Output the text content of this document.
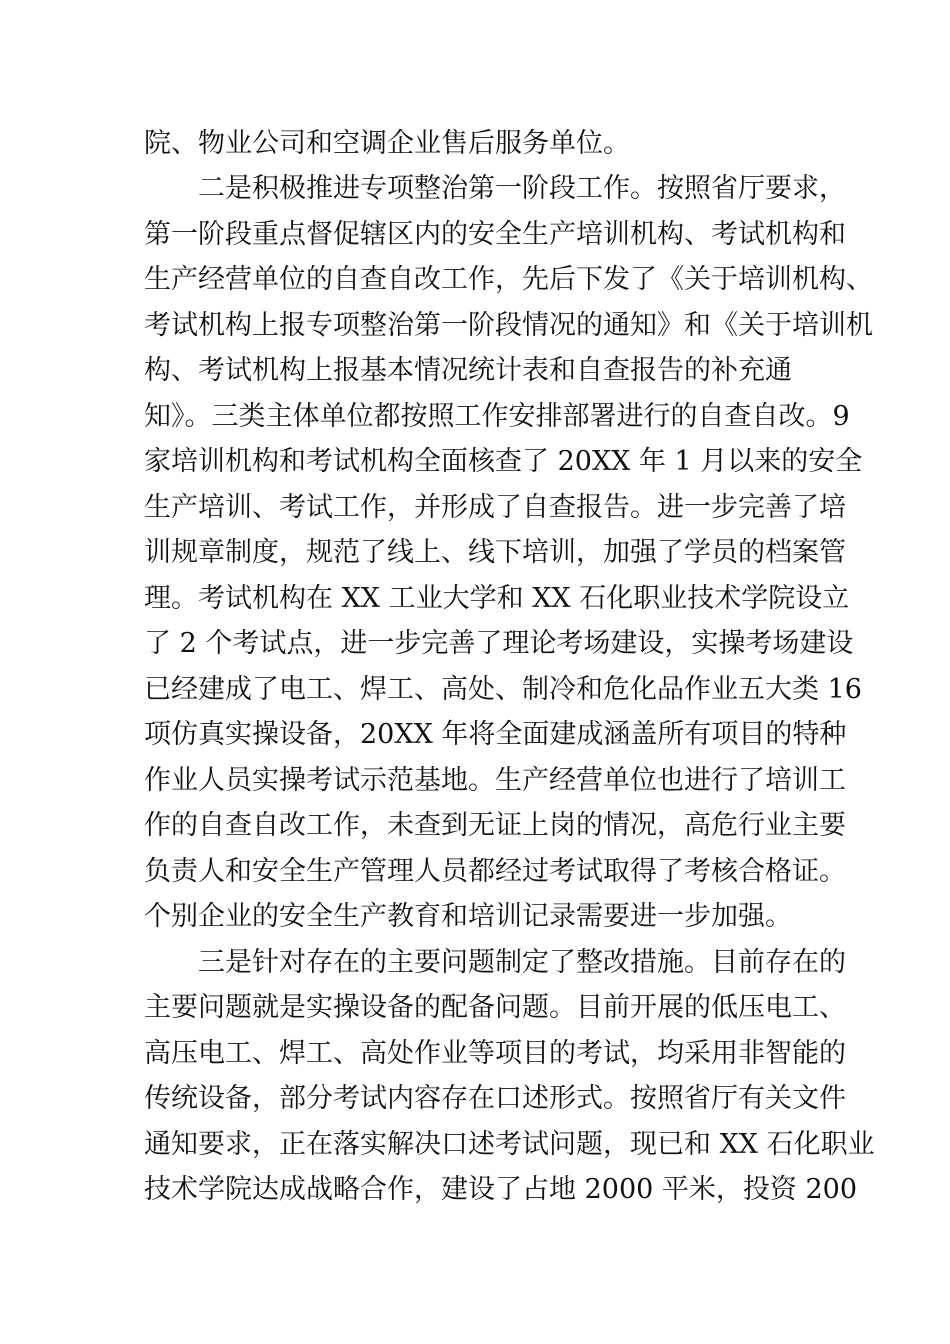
院、物业公司和空调企业售后服务单位。
二是积极推进专项整治第一阶段工作。按照省厅要求，
第一阶段重点督促辖区内的安全生产培训机构、考试机构和
生产经营单位的自查自改工作，先后下发了《关于培训机构、
考试机构上报专项整治第一阶段情况的通知》和《关于培训机
构、考试机构上报基本情况统计表和自查报告的补充通
知》。三类主体单位都按照工作安排部署进行的自查自改。9
家培训机构和考试机构全面核查了 20XX 年 1 月以来的安全
生产培训、考试工作，并形成了自查报告。进一步完善了培
训规章制度，规范了线上、线下培训，加强了学员的档案管
理。考试机构在 XX 工业大学和 XX 石化职业技术学院设立
了 2 个考试点，进一步完善了理论考场建设，实操考场建设
已经建成了电工、焊工、高处、制冷和危化品作业五大类 16
项仿真实操设备，20XX 年将全面建成涵盖所有项目的特种
作业人员实操考试示范基地。生产经营单位也进行了培训工
作的自查自改工作，未查到无证上岗的情况，高危行业主要
负责人和安全生产管理人员都经过考试取得了考核合格证。
个别企业的安全生产教育和培训记录需要进一步加强。
三是针对存在的主要问题制定了整改措施。目前存在的
主要问题就是实操设备的配备问题。目前开展的低压电工、
高压电工、焊工、高处作业等项目的考试，均采用非智能的
传统设备，部分考试内容存在口述形式。按照省厅有关文件
通知要求，正在落实解决口述考试问题，现已和 XX 石化职业
技术学院达成战略合作，建设了占地 2000 平米，投资 200
